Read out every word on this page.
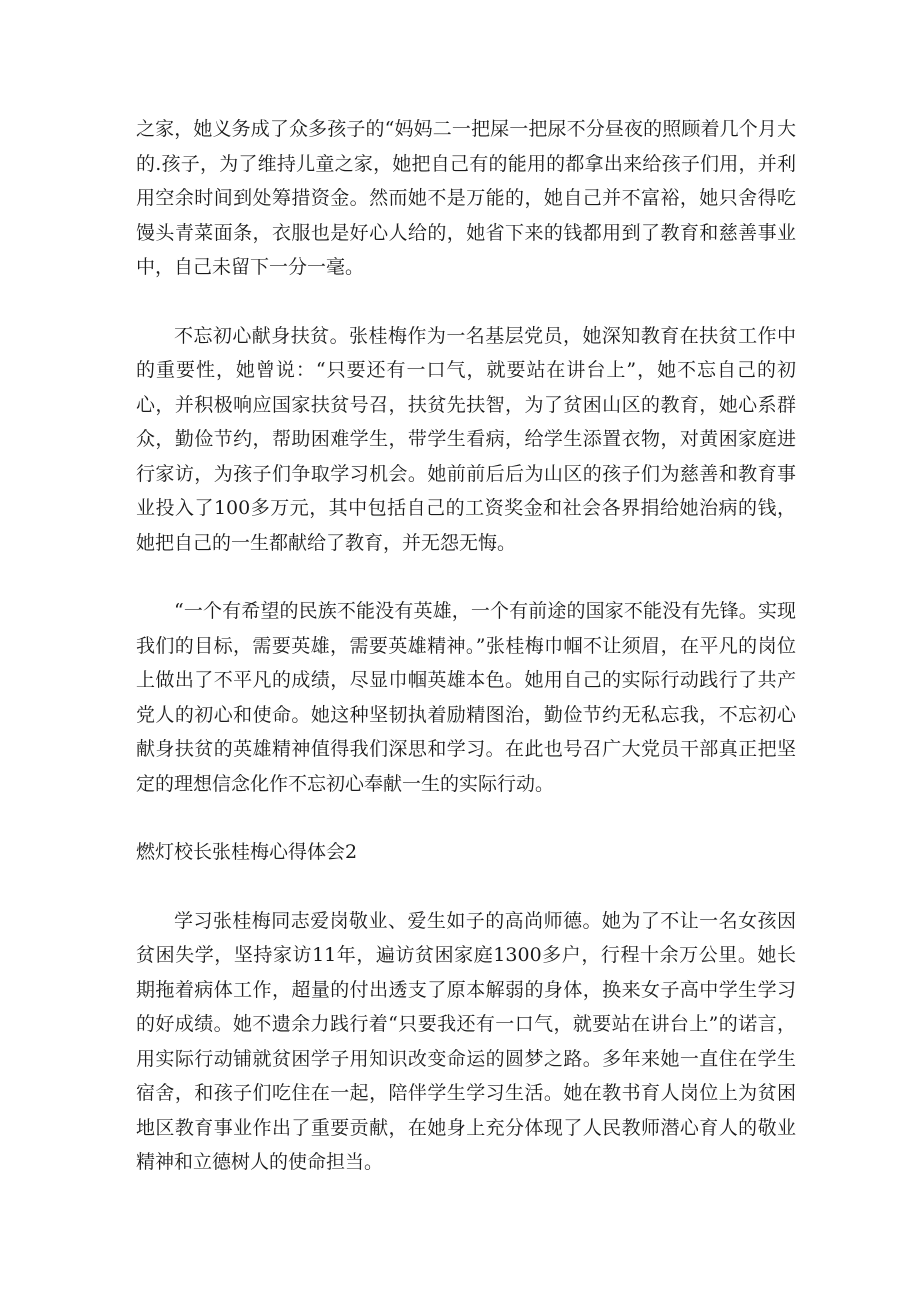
之家，她义务成了众多孩子的“妈妈二一把屎一把尿不分昼夜的照顾着几个月大的.孩子，为了维持儿童之家，她把自己有的能用的都拿出来给孩子们用，并利用空余时间到处筹措资金。然而她不是万能的，她自己并不富裕，她只舍得吃馒头青菜面条，衣服也是好心人给的，她省下来的钱都用到了教育和慈善事业中，自己未留下一分一毫。

不忘初心献身扶贫。张桂梅作为一名基层党员，她深知教育在扶贫工作中的重要性，她曾说：“只要还有一口气，就要站在讲台上”，她不忘自己的初心，并积极响应国家扶贫号召，扶贫先扶智，为了贫困山区的教育，她心系群众，勤俭节约，帮助困难学生，带学生看病，给学生添置衣物，对黄困家庭进行家访，为孩子们争取学习机会。她前前后后为山区的孩子们为慈善和教育事业投入了100多万元，其中包括自己的工资奖金和社会各界捐给她治病的钱，她把自己的一生都献给了教育，并无怨无悔。

“一个有希望的民族不能没有英雄，一个有前途的国家不能没有先锋。实现我们的目标，需要英雄，需要英雄精神。”张桂梅巾帼不让须眉，在平凡的岗位上做出了不平凡的成绩，尽显巾帼英雄本色。她用自己的实际行动践行了共产党人的初心和使命。她这种坚韧执着励精图治，勤俭节约无私忘我，不忘初心献身扶贫的英雄精神值得我们深思和学习。在此也号召广大党员干部真正把坚定的理想信念化作不忘初心奉献一生的实际行动。

燃灯校长张桂梅心得体会2

学习张桂梅同志爱岗敬业、爱生如子的高尚师德。她为了不让一名女孩因贫困失学，坚持家访11年，遍访贫困家庭1300多户，行程十余万公里。她长期拖着病体工作，超量的付出透支了原本解弱的身体，换来女子高中学生学习的好成绩。她不遗余力践行着“只要我还有一口气，就要站在讲台上”的诺言，用实际行动铺就贫困学子用知识改变命运的圆梦之路。多年来她一直住在学生宿舍，和孩子们吃住在一起，陪伴学生学习生活。她在教书育人岗位上为贫困地区教育事业作出了重要贡献，在她身上充分体现了人民教师潜心育人的敬业精神和立德树人的使命担当。
